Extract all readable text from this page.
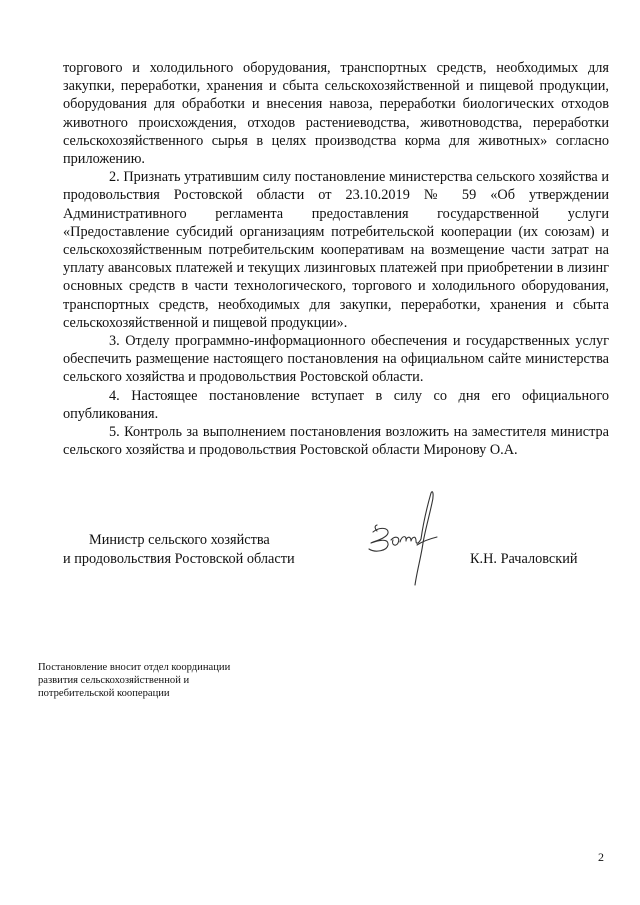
торгового и холодильного оборудования, транспортных средств, необходимых для закупки, переработки, хранения и сбыта сельскохозяйственной и пищевой продукции, оборудования для обработки и внесения навоза, переработки биологических отходов животного происхождения, отходов растениеводства, животноводства, переработки сельскохозяйственного сырья в целях производства корма для животных» согласно приложению.

2. Признать утратившим силу постановление министерства сельского хозяйства и продовольствия Ростовской области от 23.10.2019 № 59 «Об утверждении Административного регламента предоставления государственной услуги «Предоставление субсидий организациям потребительской кооперации (их союзам) и сельскохозяйственным потребительским кооперативам на возмещение части затрат на уплату авансовых платежей и текущих лизинговых платежей при приобретении в лизинг основных средств в части технологического, торгового и холодильного оборудования, транспортных средств, необходимых для закупки, переработки, хранения и сбыта сельскохозяйственной и пищевой продукции».

3. Отделу программно-информационного обеспечения и государственных услуг обеспечить размещение настоящего постановления на официальном сайте министерства сельского хозяйства и продовольствия Ростовской области.

4. Настоящее постановление вступает в силу со дня его официального опубликования.

5. Контроль за выполнением постановления возложить на заместителя министра сельского хозяйства и продовольствия Ростовской области Миронову О.А.

Министр сельского хозяйства
и продовольствия Ростовской области	К.Н. Рачаловский
Постановление вносит отдел координации
развития сельскохозяйственной и
потребительской кооперации
2
